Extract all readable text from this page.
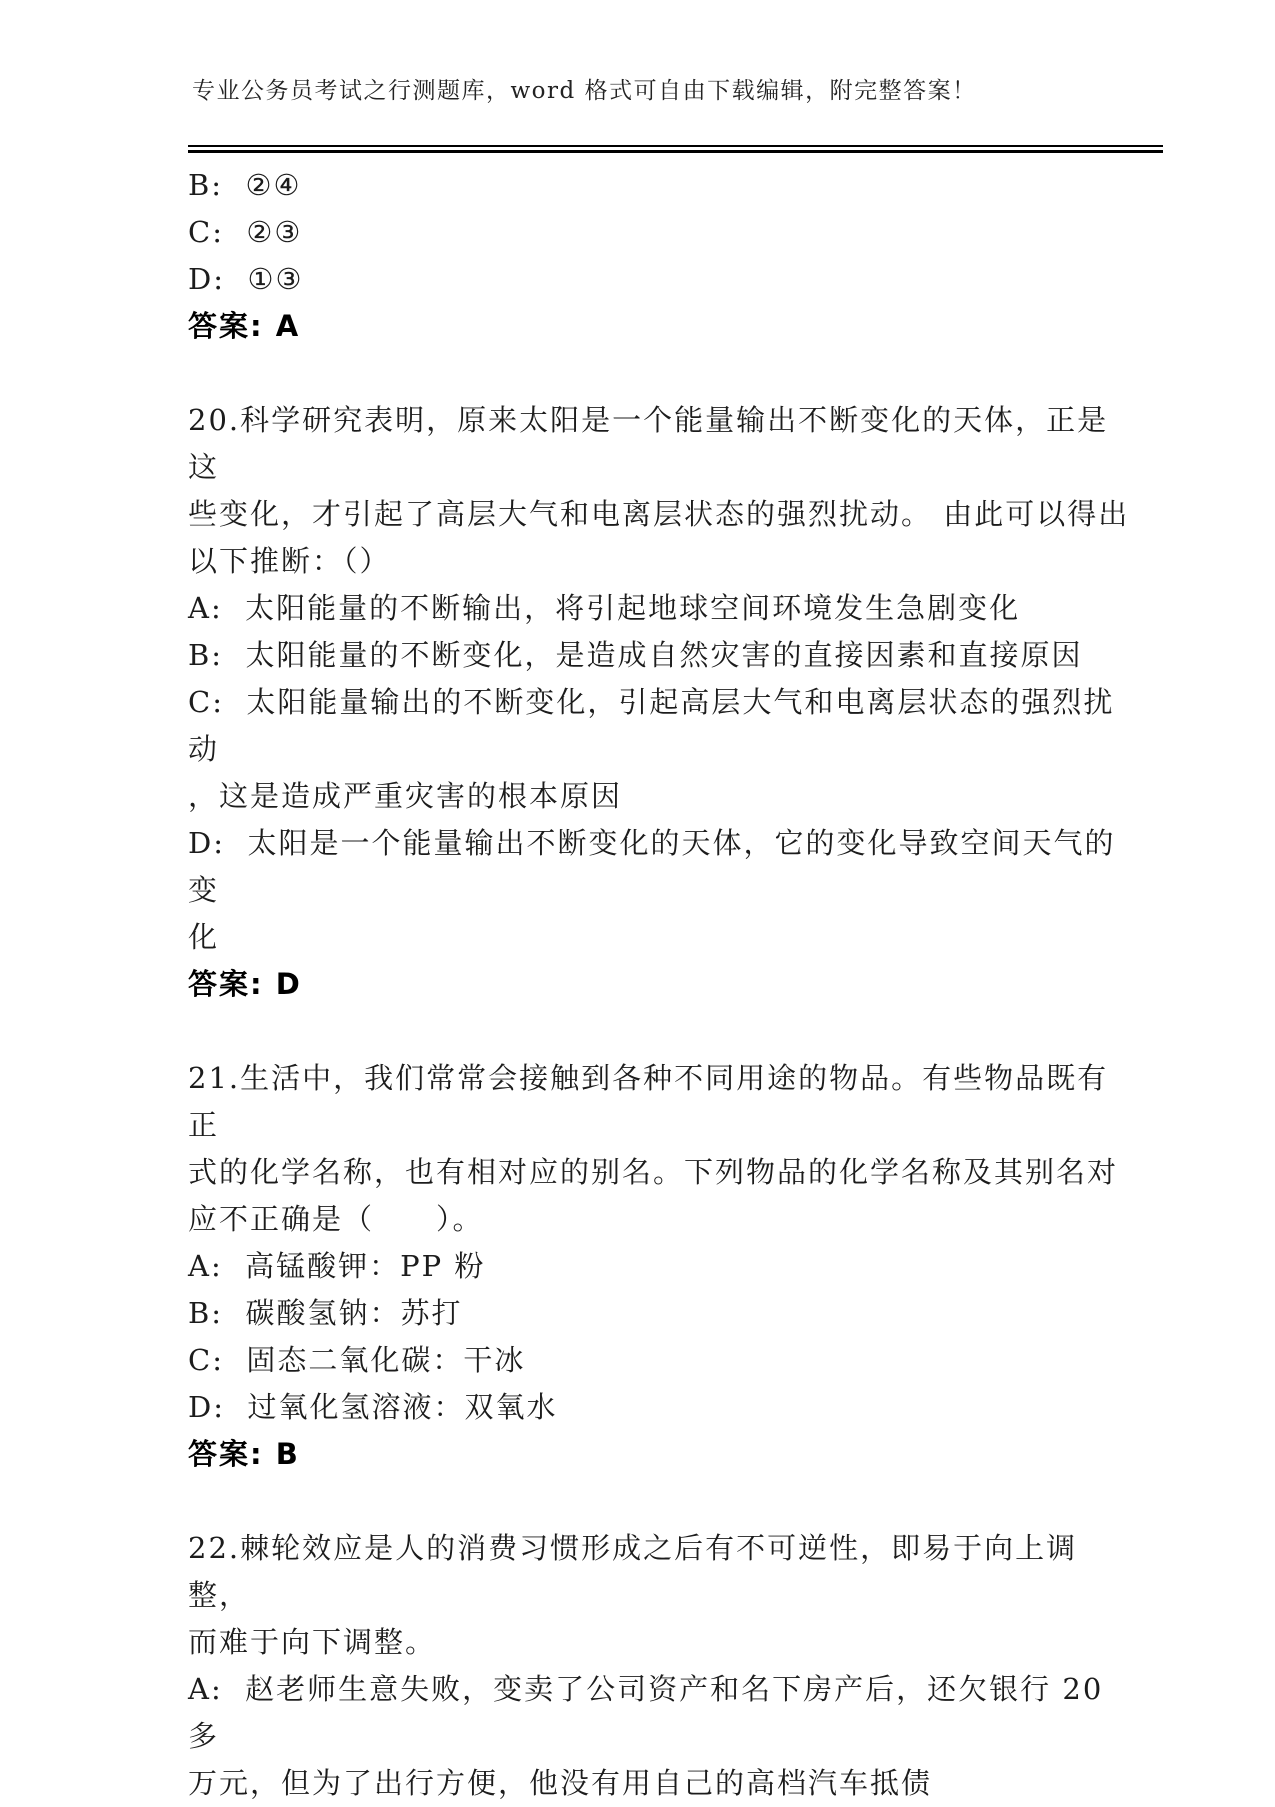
专业公务员考试之行测题库，word 格式可自由下载编辑，附完整答案！
B:  ②④
C:  ②③
D:  ①③
答案: A
20.科学研究表明，原来太阳是一个能量输出不断变化的天体，正是这
些变化，才引起了高层大气和电离层状态的强烈扰动。 由此可以得出
以下推断：（）
A:  太阳能量的不断输出，将引起地球空间环境发生急剧变化
B:  太阳能量的不断变化，是造成自然灾害的直接因素和直接原因
C:  太阳能量输出的不断变化，引起高层大气和电离层状态的强烈扰动
，这是造成严重灾害的根本原因
D:  太阳是一个能量输出不断变化的天体，它的变化导致空间天气的变
化
答案: D
21.生活中，我们常常会接触到各种不同用途的物品。有些物品既有正
式的化学名称，也有相对应的别名。下列物品的化学名称及其别名对
应不正确是（　　）。
A:  高锰酸钾：PP 粉
B:  碳酸氢钠：苏打
C:  固态二氧化碳：干冰
D:  过氧化氢溶液：双氧水
答案: B
22.棘轮效应是人的消费习惯形成之后有不可逆性，即易于向上调整，
而难于向下调整。
A:  赵老师生意失败，变卖了公司资产和名下房产后，还欠银行 20 多
万元，但为了出行方便，他没有用自己的高档汽车抵债
